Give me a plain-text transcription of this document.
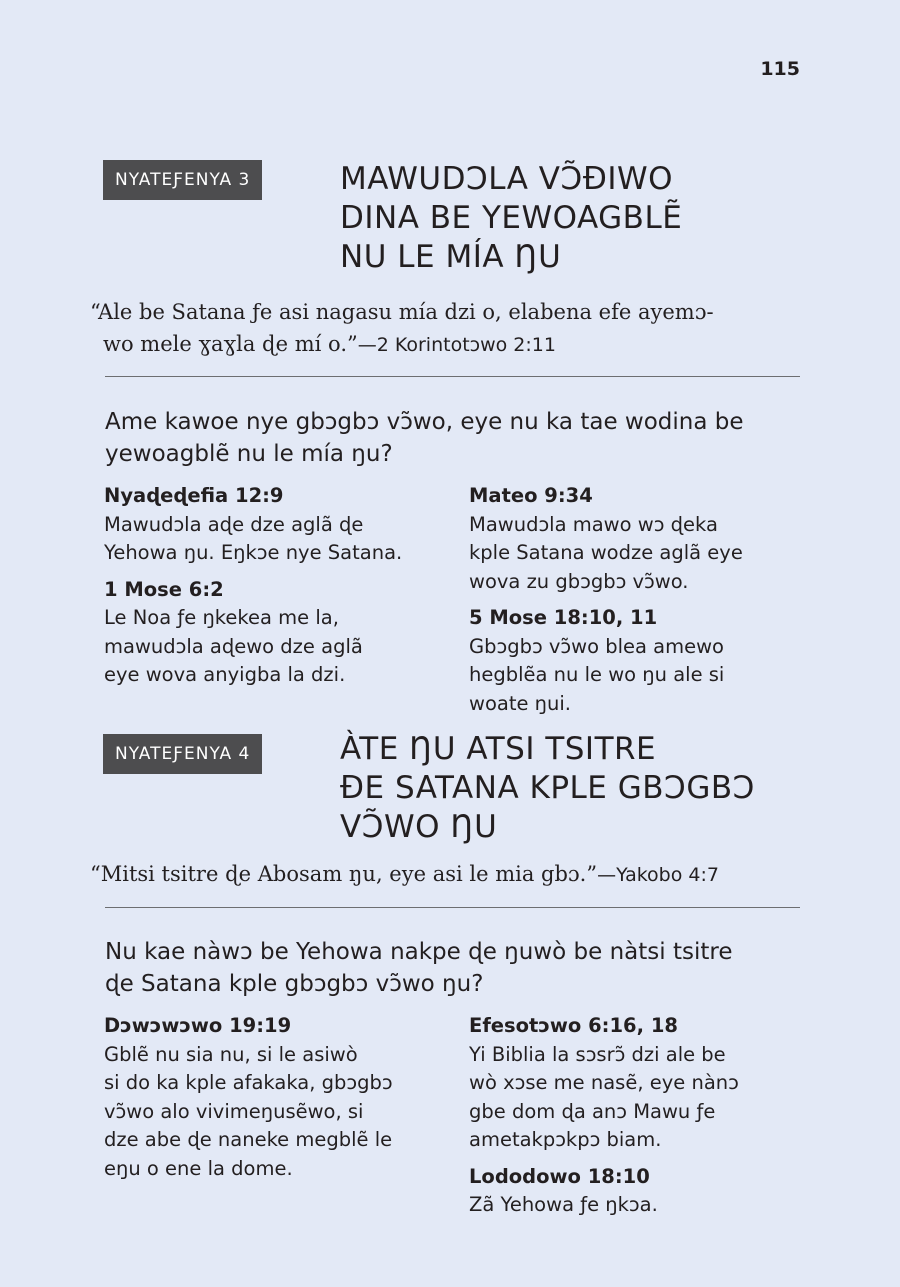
115
NYATEƑENYA 3	MAWUDƆLA VƆ̃ĐIWO
DINA BE YEWOAGBLẼ
NU LE MÍA ŊU
“Ale be Satana ƒe asi nagasu mía dzi o, elabena efe ayemɔ-
wo mele ɣaɣla ɖe mí o.”—2 Korintotɔwo 2:11
Ame kawoe nye gbɔgbɔ vɔ̃wo, eye nu ka tae wodina be
yewoagblẽ nu le mía ŋu?
Nyaɖeɖefia 12:9
Mawudɔla aɖe dze aglã ɖe
Yehowa ŋu. Eŋkɔe nye Satana.
1 Mose 6:2
Le Noa ƒe ŋkekea me la,
mawudɔla aɖewo dze aglã
eye wova anyigba la dzi.
Mateo 9:34
Mawudɔla mawo wɔ ɖeka
kple Satana wodze aglã eye
wova zu gbɔgbɔ vɔ̃wo.
5 Mose 18:10, 11
Gbɔgbɔ vɔ̃wo blea amewo
hegblẽa nu le wo ŋu ale si
woate ŋui.
NYATEƑENYA 4	ÀTE ŊU ATSI TSITRE
ĐE SATANA KPLE GBƆGBƆ
VƆ̃WO ŊU
“Mitsi tsitre ɖe Abosam ŋu, eye asi le mia gbɔ.”—Yakobo 4:7
Nu kae nàwɔ be Yehowa nakpe ɖe ŋuwò be nàtsi tsitre
ɖe Satana kple gbɔgbɔ vɔ̃wo ŋu?
Dɔwɔwɔwo 19:19
Gblẽ nu sia nu, si le asiwò
si do ka kple afakaka, gbɔgbɔ
vɔ̃wo alo vivimeŋusẽwo, si
dze abe ɖe naneke megblẽ le
eŋu o ene la dome.
Efesotɔwo 6:16, 18
Yi Biblia la sɔsrɔ̃ dzi ale be
wò xɔse me nasẽ, eye nànɔ
gbe dom ɖa anɔ Mawu ƒe
ametakpɔkpɔ biam.
Lododowo 18:10
Zã Yehowa ƒe ŋkɔa.
